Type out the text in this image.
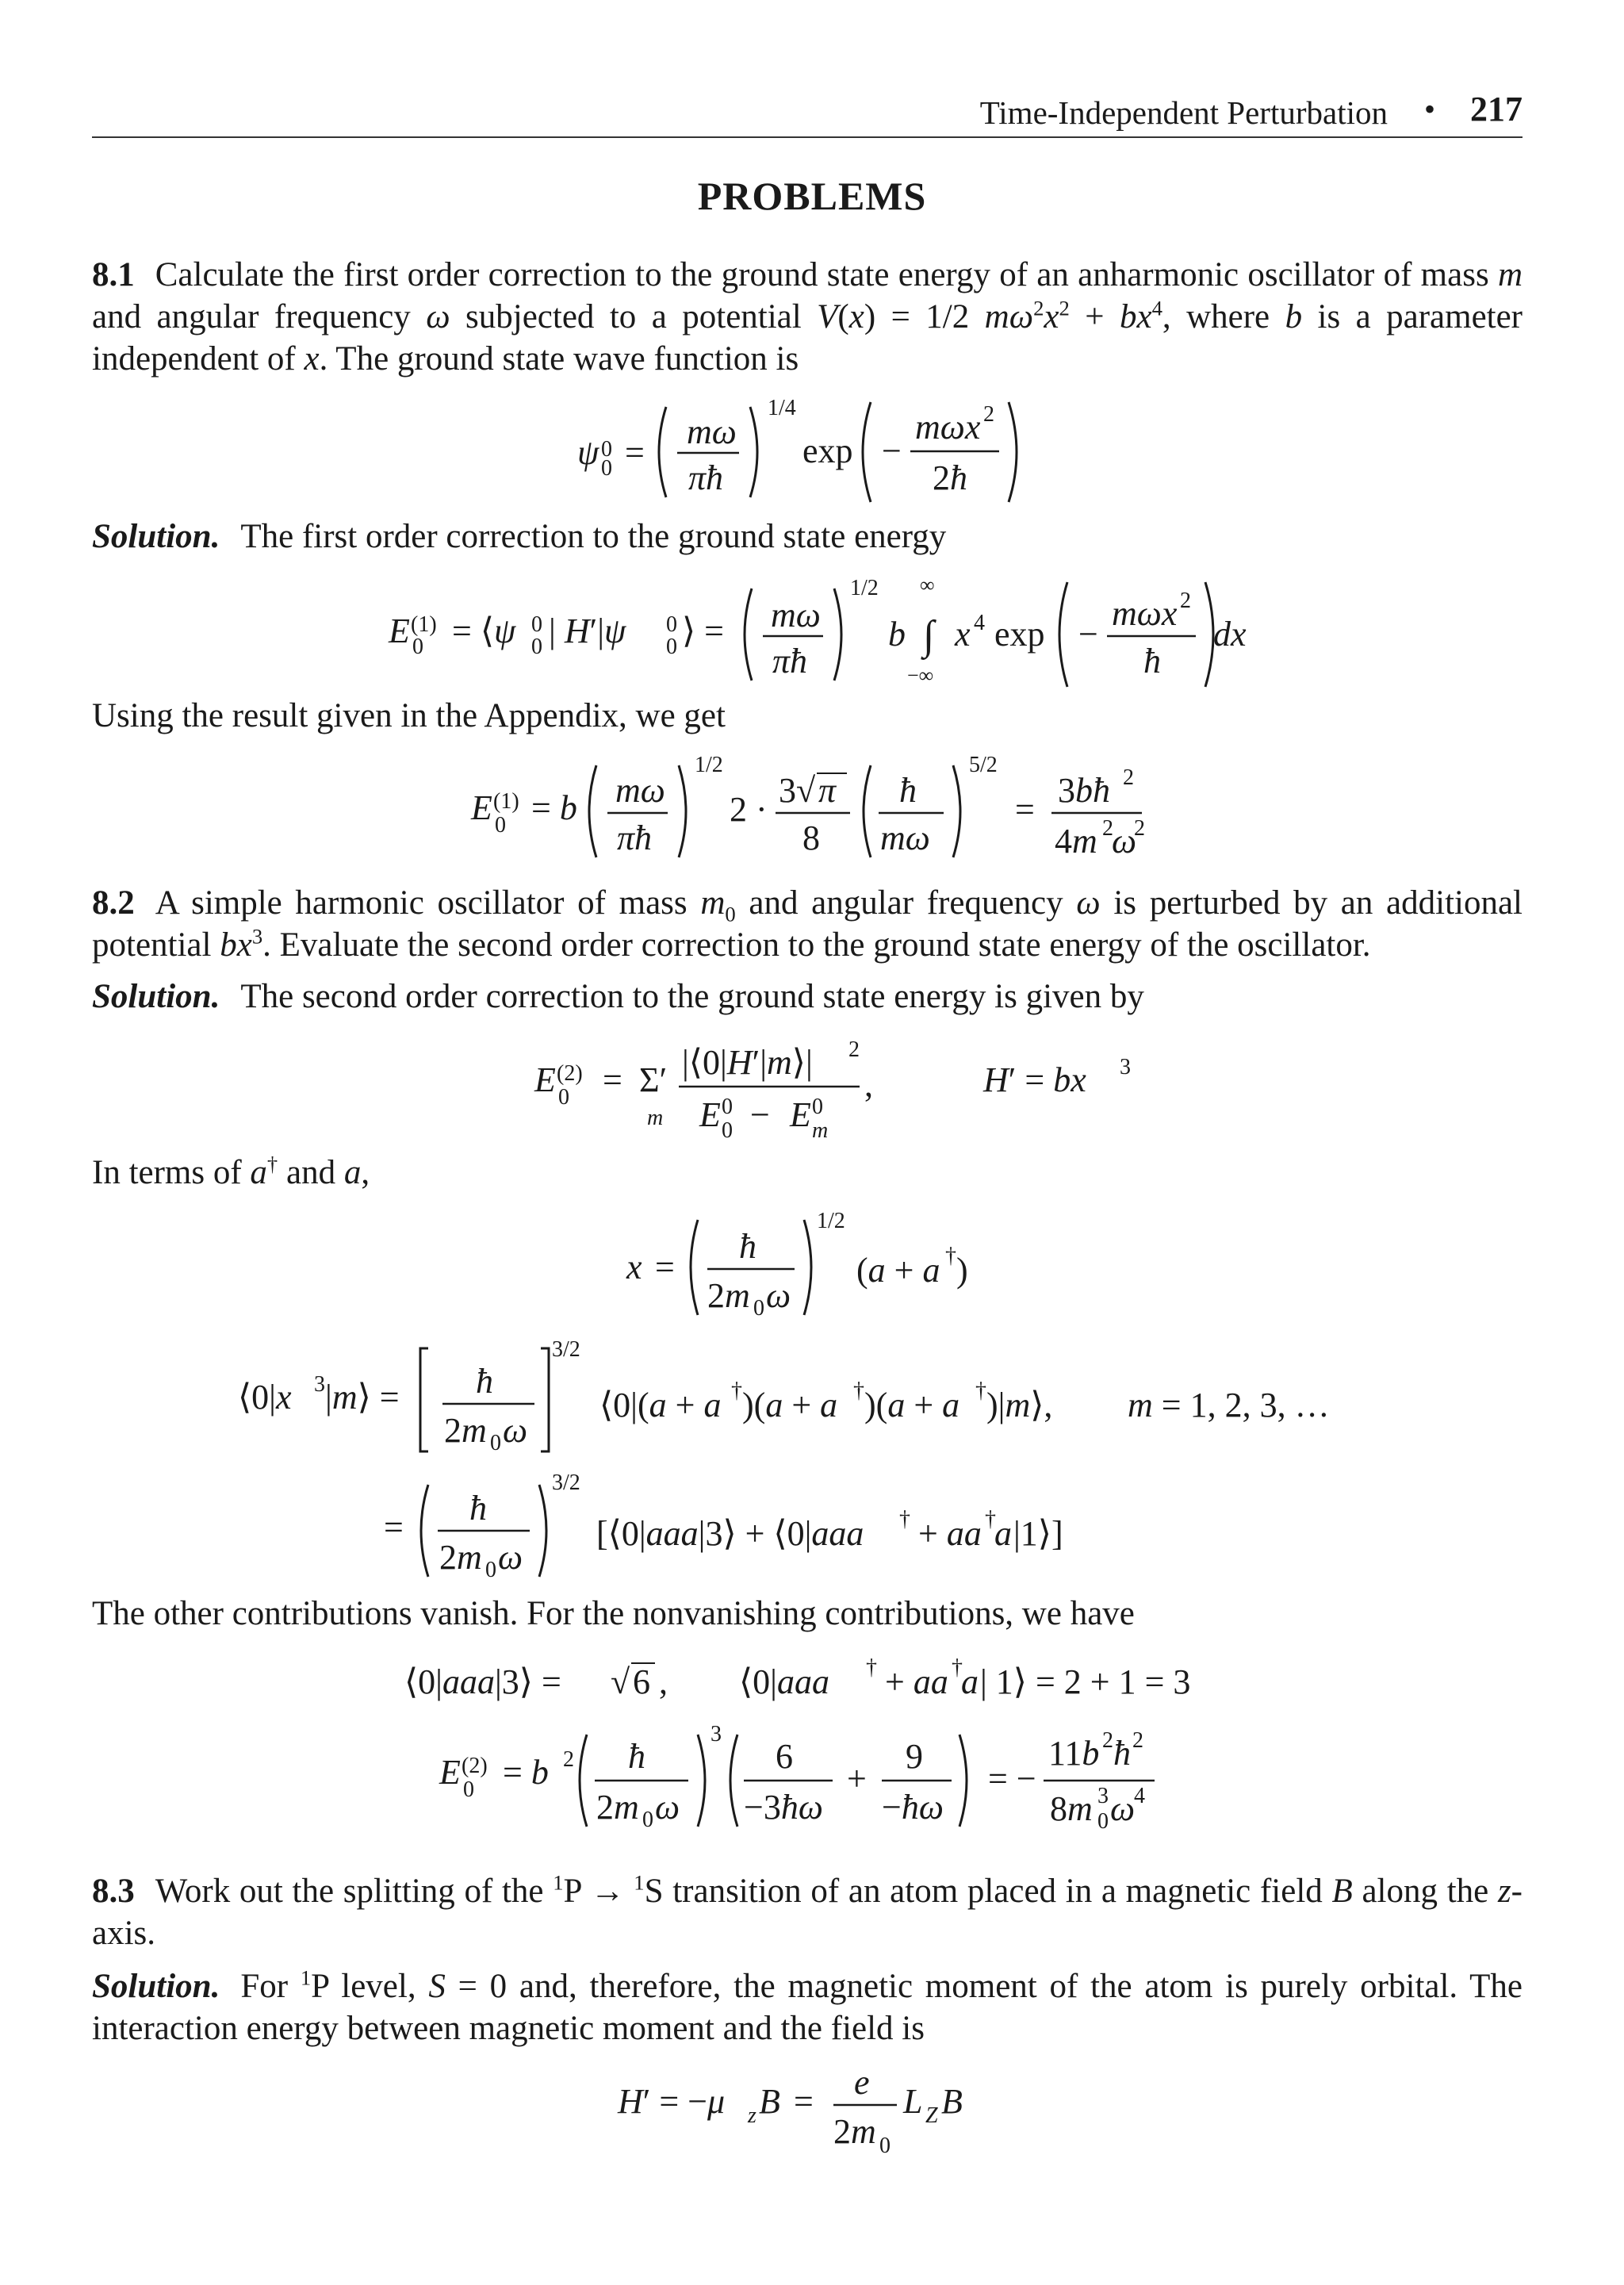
Time-Independent Perturbation • 217
PROBLEMS
8.1 Calculate the first order correction to the ground state energy of an anharmonic oscillator of mass m and angular frequency ω subjected to a potential V(x) = 1/2 $m\omega^2x^2 + bx^4$, where b is a parameter independent of x. The ground state wave function is
ψ 0
0 =
mω
πħ
1/4
exp −
mωx 2
2ħ
Solution. The first order correction to the ground state energy
E (1)
0 = ⟨ψ 0
0 | H′|ψ 0
0 ⟩ = mω
πħ
1/2
b
∞
∫
−∞
x 4 exp −
mωx 2
ħ
dx
Using the result given in the Appendix, we get
E (1)
0 = b mω
πħ
1/2
2 · 3 √ π
8
ħ
mω
5/2
= 3bħ 2
4m 2
ω
2
8.2 A simple harmonic oscillator of mass $m_0$ and angular frequency ω is perturbed by an additional potential $bx^3$. Evaluate the second order correction to the ground state energy of the oscillator.
Solution. The second order correction to the ground state energy is given by
E (2)
0 = Σ′
m
|⟨0|H′|m⟩| 2
E 0
0 − E 0
m
,	H′ = bx 3
In terms of a† and a,
x =
ħ
2m 0 ω
1/2
(a + a † )
⟨0|x 3 |m⟩ = ħ
2m 0 ω
3/2
⟨0|(a + a † )(a + a † )(a + a † )|m⟩, m = 1, 2, 3, …
= ħ
2m 0 ω
3/2
[⟨0|aaa|3⟩ + ⟨0|aaa † + aa †
a |1⟩]
The other contributions vanish. For the nonvanishing contributions, we have
⟨0|aaa|3⟩ = √ 6 , ⟨0|aaa † + aa †
a | 1⟩ = 2 + 1 = 3
E (2)
0 = b 2 ħ
2m 0 ω
3
6
−3ħω
+
9
−ħω
= −
11b 2 ħ 2
8m 3
0 ω
4
8.3 Work out the splitting of the $^1$P → $^1$S transition of an atom placed in a magnetic field B along the z-axis.
Solution. For $^1$P level, S = 0 and, therefore, the magnetic moment of the atom is purely orbital. The interaction energy between magnetic moment and the field is
H′ = −μ z B = e
2m 0
L Z B
